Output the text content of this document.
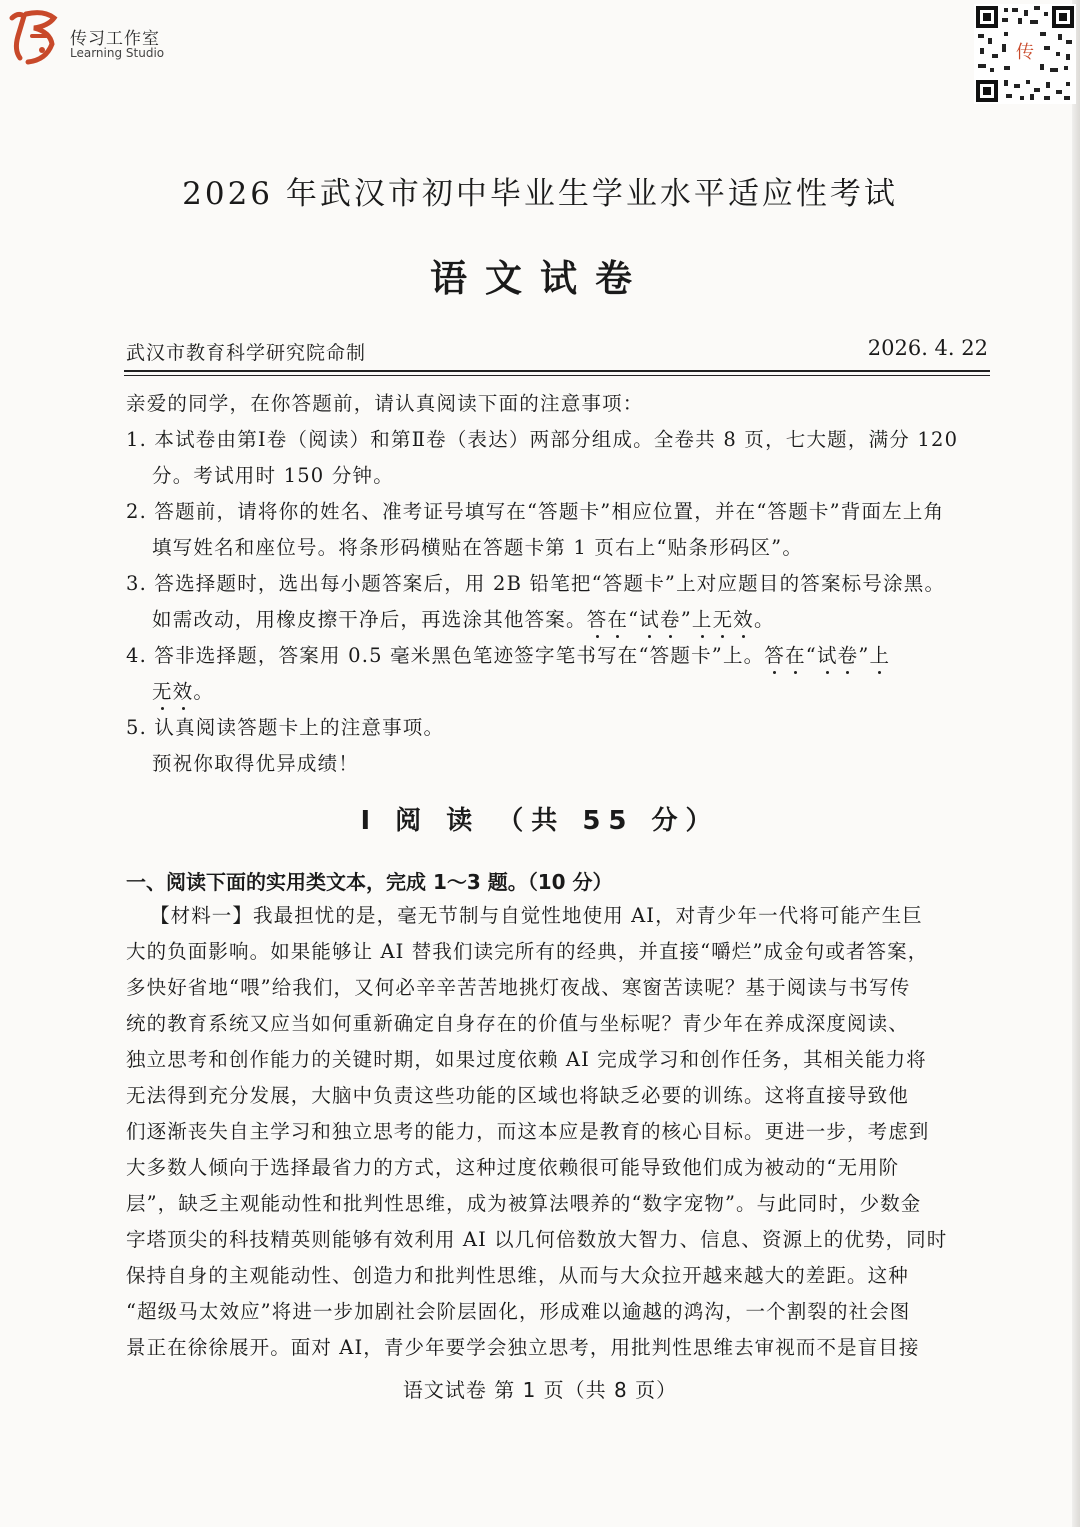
传习工作室
Learning Studio	传
2026 年武汉市初中毕业生学业水平适应性考试
语文试卷
武汉市教育科学研究院命制	2026. 4. 22
亲爱的同学，在你答题前，请认真阅读下面的注意事项：
1. 本试卷由第Ⅰ卷（阅读）和第Ⅱ卷（表达）两部分组成。全卷共 8 页，七大题，满分 120
分。考试用时 150 分钟。
2. 答题前，请将你的姓名、准考证号填写在“答题卡”相应位置，并在“答题卡”背面左上角
填写姓名和座位号。将条形码横贴在答题卡第 1 页右上“贴条形码区”。
3. 答选择题时，选出每小题答案后，用 2B 铅笔把“答题卡”上对应题目的答案标号涂黑。
如需改动，用橡皮擦干净后，再选涂其他答案。答在“试卷”上无效。
4. 答非选择题，答案用 0.5 毫米黑色笔迹签字笔书写在“答题卡”上。答在“试卷”上
无效。
5. 认真阅读答题卡上的注意事项。
预祝你取得优异成绩！
Ⅰ 阅 读 （共 55 分）
一、阅读下面的实用类文本，完成 1～3 题。（10 分）
【材料一】我最担忧的是，毫无节制与自觉性地使用 AI，对青少年一代将可能产生巨
大的负面影响。如果能够让 AI 替我们读完所有的经典，并直接“嚼烂”成金句或者答案，
多快好省地“喂”给我们，又何必辛辛苦苦地挑灯夜战、寒窗苦读呢？基于阅读与书写传
统的教育系统又应当如何重新确定自身存在的价值与坐标呢？青少年在养成深度阅读、
独立思考和创作能力的关键时期，如果过度依赖 AI 完成学习和创作任务，其相关能力将
无法得到充分发展，大脑中负责这些功能的区域也将缺乏必要的训练。这将直接导致他
们逐渐丧失自主学习和独立思考的能力，而这本应是教育的核心目标。更进一步，考虑到
大多数人倾向于选择最省力的方式，这种过度依赖很可能导致他们成为被动的“无用阶
层”，缺乏主观能动性和批判性思维，成为被算法喂养的“数字宠物”。与此同时，少数金
字塔顶尖的科技精英则能够有效利用 AI 以几何倍数放大智力、信息、资源上的优势，同时
保持自身的主观能动性、创造力和批判性思维，从而与大众拉开越来越大的差距。这种
“超级马太效应”将进一步加剧社会阶层固化，形成难以逾越的鸿沟，一个割裂的社会图
景正在徐徐展开。面对 AI，青少年要学会独立思考，用批判性思维去审视而不是盲目接
语文试卷 第 1 页（共 8 页）
